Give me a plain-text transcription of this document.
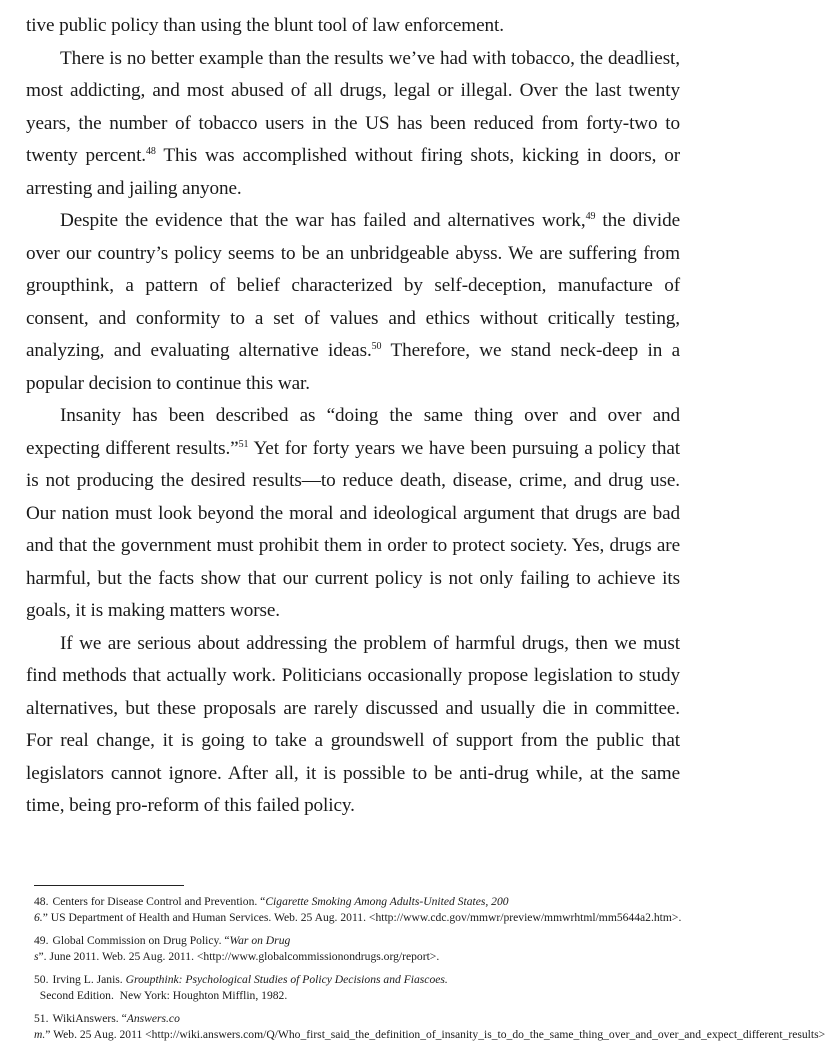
tive public policy than using the blunt tool of law enforcement.

There is no better example than the results we’ve had with tobacco, the deadliest, most addicting, and most abused of all drugs, legal or illegal. Over the last twenty years, the number of tobacco users in the US has been reduced from forty-two to twenty percent.$^{48}$ This was accomplished without firing shots, kicking in doors, or arresting and jailing anyone.

Despite the evidence that the war has failed and alternatives work,$^{49}$ the divide over our country’s policy seems to be an unbridgeable abyss. We are suffering from groupthink, a pattern of belief characterized by self-deception, manufacture of consent, and conformity to a set of values and ethics without critically testing, analyzing, and evaluating alternative ideas.$^{50}$ Therefore, we stand neck-deep in a popular decision to continue this war.

Insanity has been described as “doing the same thing over and over and expecting different results.”$^{51}$ Yet for forty years we have been pursuing a policy that is not producing the desired results—to reduce death, disease, crime, and drug use. Our nation must look beyond the moral and ideological argument that drugs are bad and that the government must prohibit them in order to protect society. Yes, drugs are harmful, but the facts show that our current policy is not only failing to achieve its goals, it is making matters worse.

If we are serious about addressing the problem of harmful drugs, then we must find methods that actually work. Politicians occasionally propose legislation to study alternatives, but these proposals are rarely discussed and usually die in committee. For real change, it is going to take a groundswell of support from the public that legislators cannot ignore. After all, it is possible to be anti-drug while, at the same time, being pro-reform of this failed policy.

48. Centers for Disease Control and Prevention. “Cigarette Smoking Among Adults-United States, 2006.” US Department of Health and Human Services. Web. 25 Aug. 2011. <http://www.cdc.gov/mmwr/preview/mmwrhtml/mm5644a2.htm>.
49. Global Commission on Drug Policy. “War on Drugs”. June 2011. Web. 25 Aug. 2011. <http://www.globalcommissionondrugs.org/report>.
50. Irving L. Janis. Groupthink: Psychological Studies of Policy Decisions and Fiascoes.  Second Edition.  New York: Houghton Mifflin, 1982.
51. WikiAnswers. “Answers.com.” Web. 25 Aug. 2011 <http://wiki.answers.com/Q/Who_first_said_the_definition_of_insanity_is_to_do_the_same_thing_over_and_over_and_expect_different_results>
